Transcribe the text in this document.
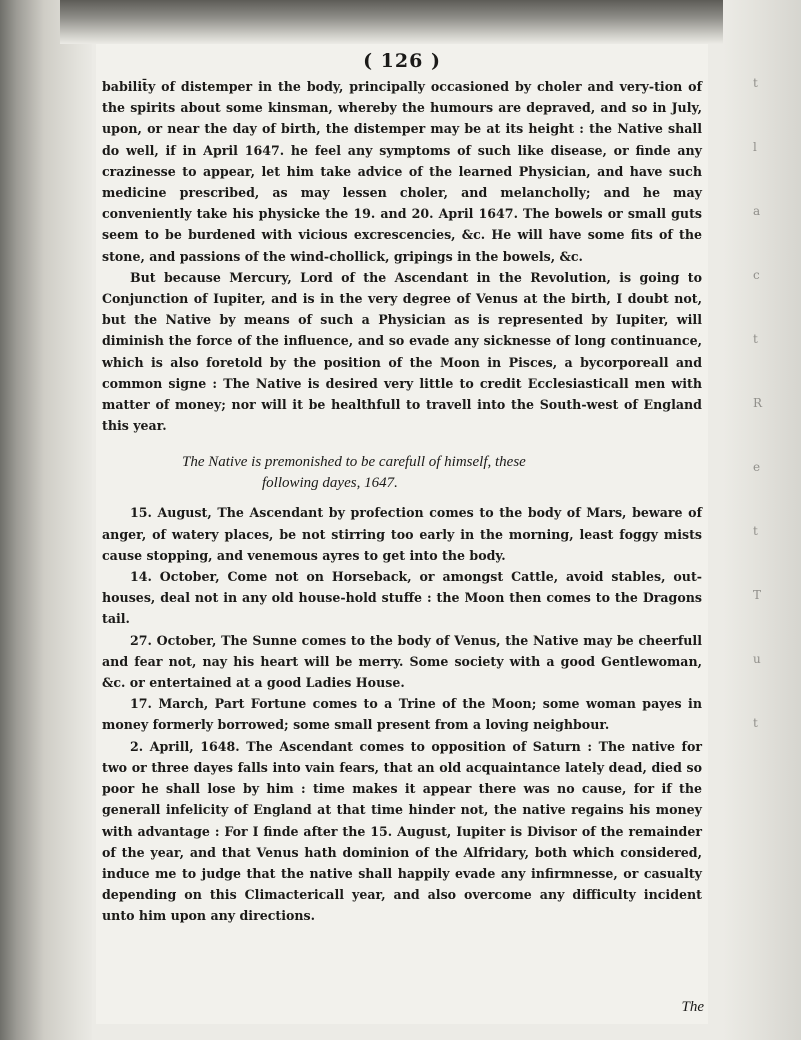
t
l
a
c
t
R
e
t
T
u
t
( 126 )

babilit̄y of distemper in the body, principally occasioned by choler and very-tion of the spirits about some kinsman, whereby the humours are depraved, and so in July, upon, or near the day of birth, the distemper may be at its height : the Native shall do well, if in April 1647. he feel any symptoms of such like disease, or finde any crazinesse to appear, let him take advice of the learned Physician, and have such medicine prescribed, as may lessen choler, and melancholly; and he may conveniently take his physicke the 19. and 20. April 1647. The bowels or small guts seem to be burdened with vicious excrescencies, &c. He will have some fits of the stone, and passions of the wind-chollick, gripings in the bowels, &c.

But because Mercury, Lord of the Ascendant in the Revolution, is going to Conjunction of Iupiter, and is in the very degree of Venus at the birth, I doubt not, but the Native by means of such a Physician as is represented by Iupiter, will diminish the force of the influence, and so evade any sicknesse of long continuance, which is also foretold by the position of the Moon in Pisces, a bycorporeall and common signe : The Native is desired very little to credit Ecclesiasticall men with matter of money; nor will it be healthfull to travell into the South-west of England this year.

The Native is premonished to be carefull of himself, these
following dayes, 1647.

15. August, The Ascendant by profection comes to the body of Mars, beware of anger, of watery places, be not stirring too early in the morning, least foggy mists cause stopping, and venemous ayres to get into the body.

14. October, Come not on Horseback, or amongst Cattle, avoid stables, out-houses, deal not in any old house-hold stuffe : the Moon then comes to the Dragons tail.

27. October, The Sunne comes to the body of Venus, the Native may be cheerfull and fear not, nay his heart will be merry. Some society with a good Gentlewoman, &c. or entertained at a good Ladies House.

17. March, Part Fortune comes to a Trine of the Moon; some woman payes in money formerly borrowed; some small present from a loving neighbour.

2. Aprill, 1648. The Ascendant comes to opposition of Saturn : The native for two or three dayes falls into vain fears, that an old acquaintance lately dead, died so poor he shall lose by him : time makes it appear there was no cause, for if the generall infelicity of England at that time hinder not, the native regains his money with advantage : For I finde after the 15. August, Iupiter is Divisor of the remainder of the year, and that Venus hath dominion of the Alfridary, both which considered, induce me to judge that the native shall happily evade any infirmnesse, or casualty depending on this Climactericall year, and also overcome any difficulty incident unto him upon any directions.

The
